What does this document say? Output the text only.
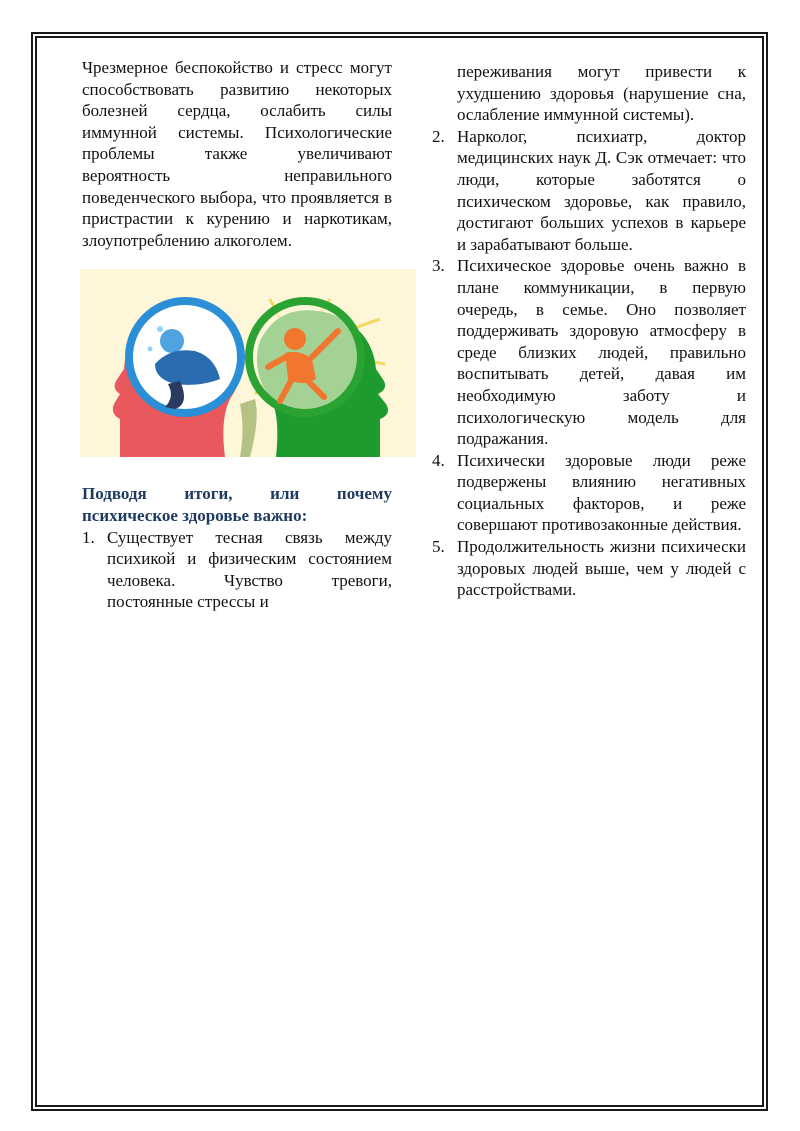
Чрезмерное беспокойство и стресс могут способствовать развитию некоторых болезней сердца, ослабить силы иммунной системы. Психологические проблемы также увеличивают вероятность неправильного поведенческого выбора, что проявляется в пристрастии к курению и наркотикам, злоупотреблению алкоголем.

Подводя итоги, или почему психическое здоровье важно:

1. Существует тесная связь между психикой и физическим состоянием человека. Чувство тревоги, постоянные стрессы и

переживания могут привести к ухудшению здоровья (нарушение сна, ослабление иммунной системы).

2. Нарколог, психиатр, доктор медицинских наук Д. Сэк отмечает: что люди, которые заботятся о психическом здоровье, как правило, достигают больших успехов в карьере и зарабатывают больше.
3. Психическое здоровье очень важно в плане коммуникации, в первую очередь, в семье. Оно позволяет поддерживать здоровую атмосферу в среде близких людей, правильно воспитывать детей, давая им необходимую заботу и психологическую модель для подражания.
4. Психически здоровые люди реже подвержены влиянию негативных социальных факторов, и реже совершают противозаконные действия.
5. Продолжительность жизни психически здоровых людей выше, чем у людей с расстройствами.
